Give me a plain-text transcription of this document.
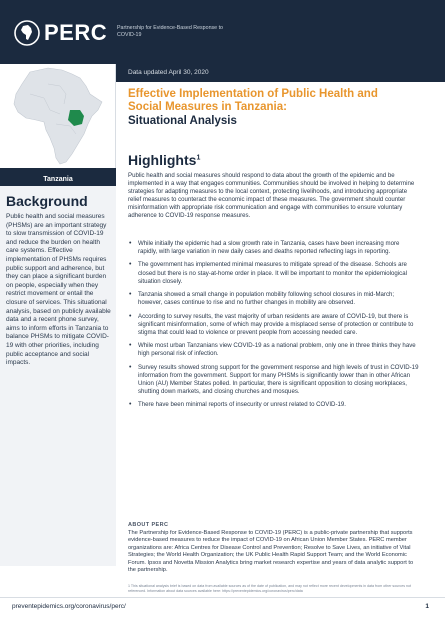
PERC Partnership for Evidence-Based Response to COVID-19
Data updated April 30, 2020
Tanzania
Background
Public health and social measures (PHSMs) are an important strategy to slow transmission of COVID-19 and reduce the burden on health care systems. Effective implementation of PHSMs requires public support and adherence, but they can place a significant burden on people, especially when they restrict movement or entail the closure of services. This situational analysis, based on publicly available data and a recent phone survey, aims to inform efforts in Tanzania to balance PHSMs to mitigate COVID-19 with other priorities, including public acceptance and social impacts.
Effective Implementation of Public Health and
Social Measures in Tanzania:
Situational Analysis
Highlights$^1$
Public health and social measures should respond to data about the growth of the epidemic and be implemented in a way that engages communities. Communities should be involved in helping to determine strategies for adapting measures to the local context, protecting livelihoods, and introducing appropriate relief measures to counteract the economic impact of these measures. The government should counter misinformation with appropriate risk communication and engage with communities to ensure voluntary adherence to COVID-19 response measures.
• While initially the epidemic had a slow growth rate in Tanzania, cases have been increasing more rapidly, with large variation in new daily cases and deaths reported reflecting lags in reporting.
• The government has implemented minimal measures to mitigate spread of the disease. Schools are closed but there is no stay-at-home order in place. It will be important to monitor the epidemiological situation closely.
• Tanzania showed a small change in population mobility following school closures in mid-March; however, cases continue to rise and no further changes in mobility are observed.
• According to survey results, the vast majority of urban residents are aware of COVID-19, but there is significant misinformation, some of which may provide a misplaced sense of protection or contribute to stigma that could lead to violence or prevent people from accessing needed care.
• While most urban Tanzanians view COVID-19 as a national problem, only one in three thinks they have high personal risk of infection.
• Survey results showed strong support for the government response and high levels of trust in COVID-19 information from the government. Support for many PHSMs is significantly lower than in other African Union (AU) Member States polled. In particular, there is significant opposition to closing workplaces, shutting down markets, and closing churches and mosques.
• There have been minimal reports of insecurity or unrest related to COVID-19.
ABOUT PERC
The Partnership for Evidence-Based Response to COVID-19 (PERC) is a public-private partnership that supports evidence-based measures to reduce the impact of COVID-19 on African Union Member States. PERC member organizations are: Africa Centres for Disease Control and Prevention; Resolve to Save Lives, an initiative of Vital Strategies; the World Health Organization; the UK Public Health Rapid Support Team; and the World Economic Forum. Ipsos and Novetta Mission Analytics bring market research expertise and years of data analytic support to the partnership.
1 This situational analysis brief is based on data from available sources as of the date of publication, and may not reflect more recent developments in data from other sources not referenced. Information about data sources available here: https://preventepidemics.org/coronavirus/perc/data
preventepidemics.org/coronavirus/perc/	1
